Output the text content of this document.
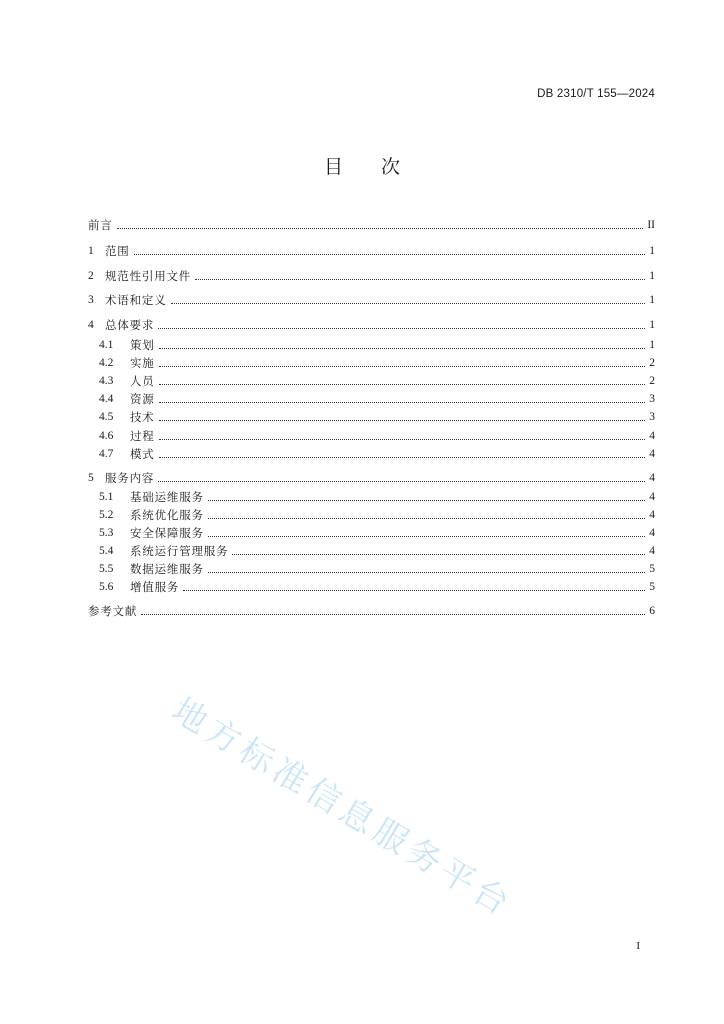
DB 2310/T 155—2024
目 次
前言	II
1 范围	1
2 规范性引用文件	1
3 术语和定义	1
4 总体要求	1
4.1	策划	1
4.2	实施	2
4.3	人员	2
4.4	资源	3
4.5	技术	3
4.6	过程	4
4.7	模式	4
5 服务内容	4
5.1	基础运维服务	4
5.2	系统优化服务	4
5.3	安全保障服务	4
5.4	系统运行管理服务	4
5.5	数据运维服务	5
5.6	增值服务	5
参考文献	6
地方标准信息服务平台
I
